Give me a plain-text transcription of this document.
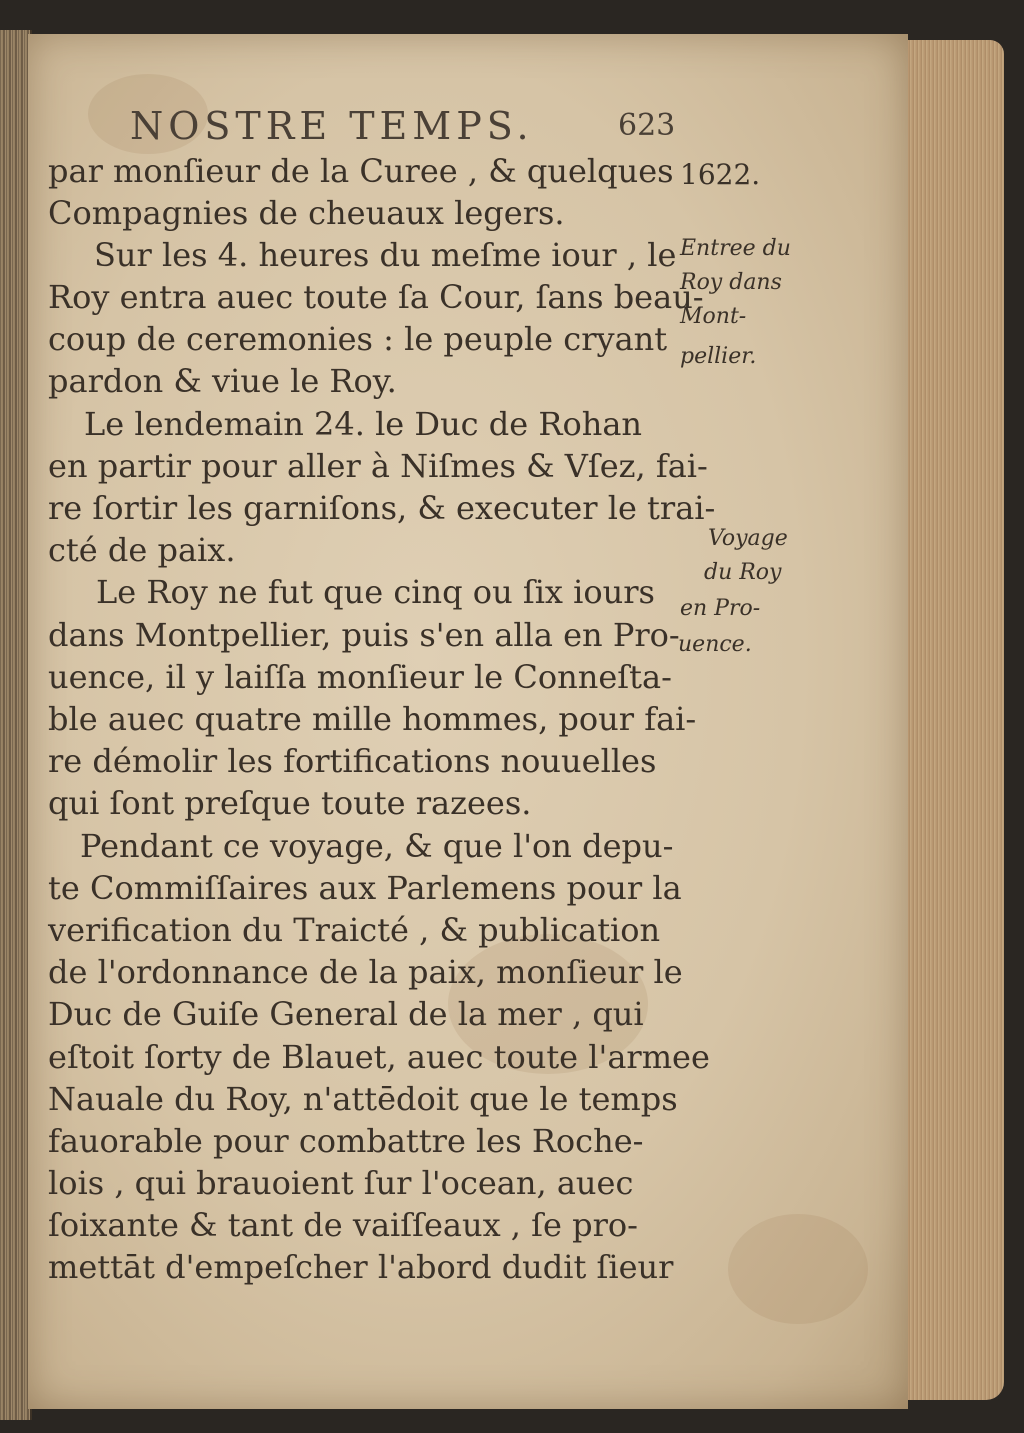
NOSTRE TEMPS.	623

par monſieur de la Curee , & quelques

Compagnies de cheuaux legers.

Sur les 4. heures du meſme iour , le

Roy entra auec toute ſa Cour, ſans beau-

coup de ceremonies : le peuple cryant

pardon & viue le Roy.

Le lendemain 24. le Duc de Rohan

en partir pour aller à Niſmes & Vſez, fai-

re ſortir les garniſons, & executer le trai-

cté de paix.

Le Roy ne fut que cinq ou ſix iours

dans Montpellier, puis s'en alla en Pro-

uence, il y laiſſa monſieur le Conneſta-

ble auec quatre mille hommes, pour fai-

re démolir les fortifications nouuelles

qui ſont preſque toute razees.

Pendant ce voyage, & que l'on depu-

te Commiſſaires aux Parlemens pour la

verification du Traicté , & publication

de l'ordonnance de la paix, monſieur le

Duc de Guiſe General de la mer , qui

eſtoit ſorty de Blauet, auec toute l'armee

Nauale du Roy, n'attēdoit que le temps

fauorable pour combattre les Roche-

lois , qui brauoient ſur l'ocean, auec

ſoixante & tant de vaiſſeaux , ſe pro-

mettāt d'empeſcher l'abord dudit ſieur

1622.

Entree du

Roy dans

Mont-

pellier.

Voyage

du Roy

en Pro-

uence.
